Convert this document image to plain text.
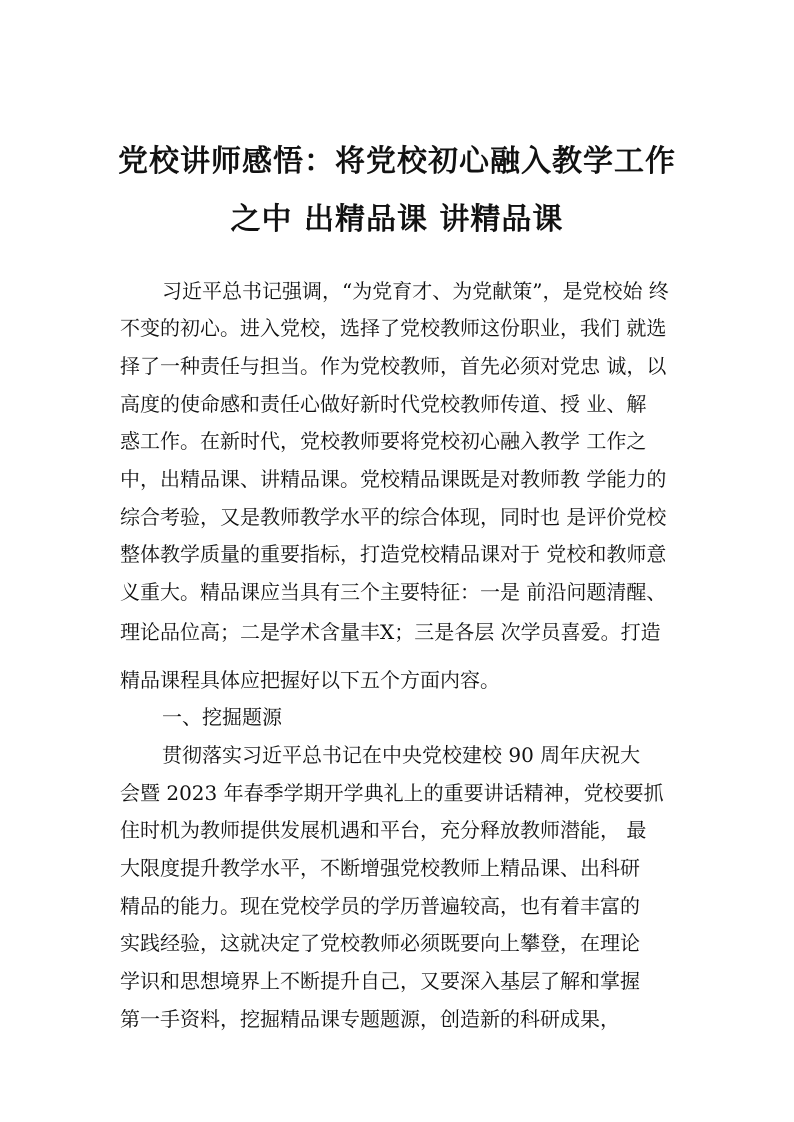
党校讲师感悟：将党校初心融入教学工作
之中 出精品课 讲精品课

习近平总书记强调，“为党育才、为党献策”，是党校始 终

不变的初心。进入党校，选择了党校教师这份职业，我们 就选

择了一种责任与担当。作为党校教师，首先必须对党忠 诚，以

高度的使命感和责任心做好新时代党校教师传道、授 业、解

惑工作。在新时代，党校教师要将党校初心融入教学 工作之

中，出精品课、讲精品课。党校精品课既是对教师教 学能力的

综合考验，又是教师教学水平的综合体现，同时也 是评价党校

整体教学质量的重要指标，打造党校精品课对于 党校和教师意

义重大。精品课应当具有三个主要特征：一是 前沿问题清醒、

理论品位高；二是学术含量丰X；三是各层 次学员喜爱。打造

精品课程具体应把握好以下五个方面内容。

一、挖掘题源

贯彻落实习近平总书记在中央党校建校 90 周年庆祝大

会暨 2023 年春季学期开学典礼上的重要讲话精神，党校要抓

住时机为教师提供发展机遇和平台，充分释放教师潜能， 最

大限度提升教学水平，不断增强党校教师上精品课、出科研

精品的能力。现在党校学员的学历普遍较高，也有着丰富的

实践经验，这就决定了党校教师必须既要向上攀登，在理论

学识和思想境界上不断提升自己，又要深入基层了解和掌握

第一手资料，挖掘精品课专题题源，创造新的科研成果，
